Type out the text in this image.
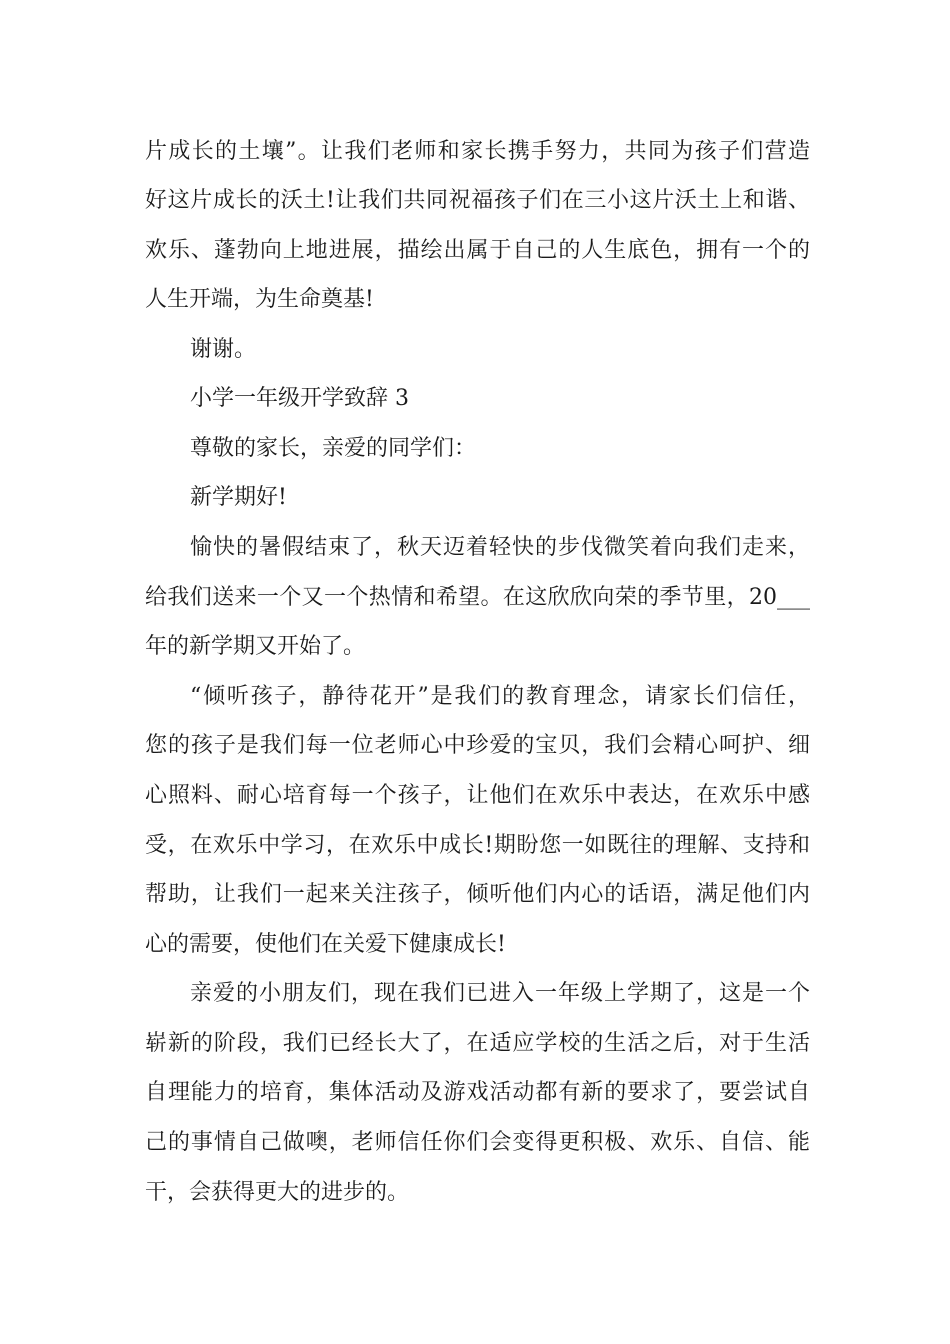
片成长的土壤”。让我们老师和家长携手努力，共同为孩子们营造
好这片成长的沃土!让我们共同祝福孩子们在三小这片沃土上和谐、
欢乐、蓬勃向上地进展，描绘出属于自己的人生底色，拥有一个的
人生开端，为生命奠基!
谢谢。
小学一年级开学致辞 3
尊敬的家长，亲爱的同学们：
新学期好!
愉快的暑假结束了，秋天迈着轻快的步伐微笑着向我们走来，
给我们送来一个又一个热情和希望。在这欣欣向荣的季节里，20___
年的新学期又开始了。
“倾听孩子，静待花开”是我们的教育理念，请家长们信任，
您的孩子是我们每一位老师心中珍爱的宝贝，我们会精心呵护、细
心照料、耐心培育每一个孩子，让他们在欢乐中表达，在欢乐中感
受，在欢乐中学习，在欢乐中成长!期盼您一如既往的理解、支持和
帮助，让我们一起来关注孩子，倾听他们内心的话语，满足他们内
心的需要，使他们在关爱下健康成长!
亲爱的小朋友们，现在我们已进入一年级上学期了，这是一个
崭新的阶段，我们已经长大了，在适应学校的生活之后，对于生活
自理能力的培育，集体活动及游戏活动都有新的要求了，要尝试自
己的事情自己做噢，老师信任你们会变得更积极、欢乐、自信、能
干，会获得更大的进步的。
